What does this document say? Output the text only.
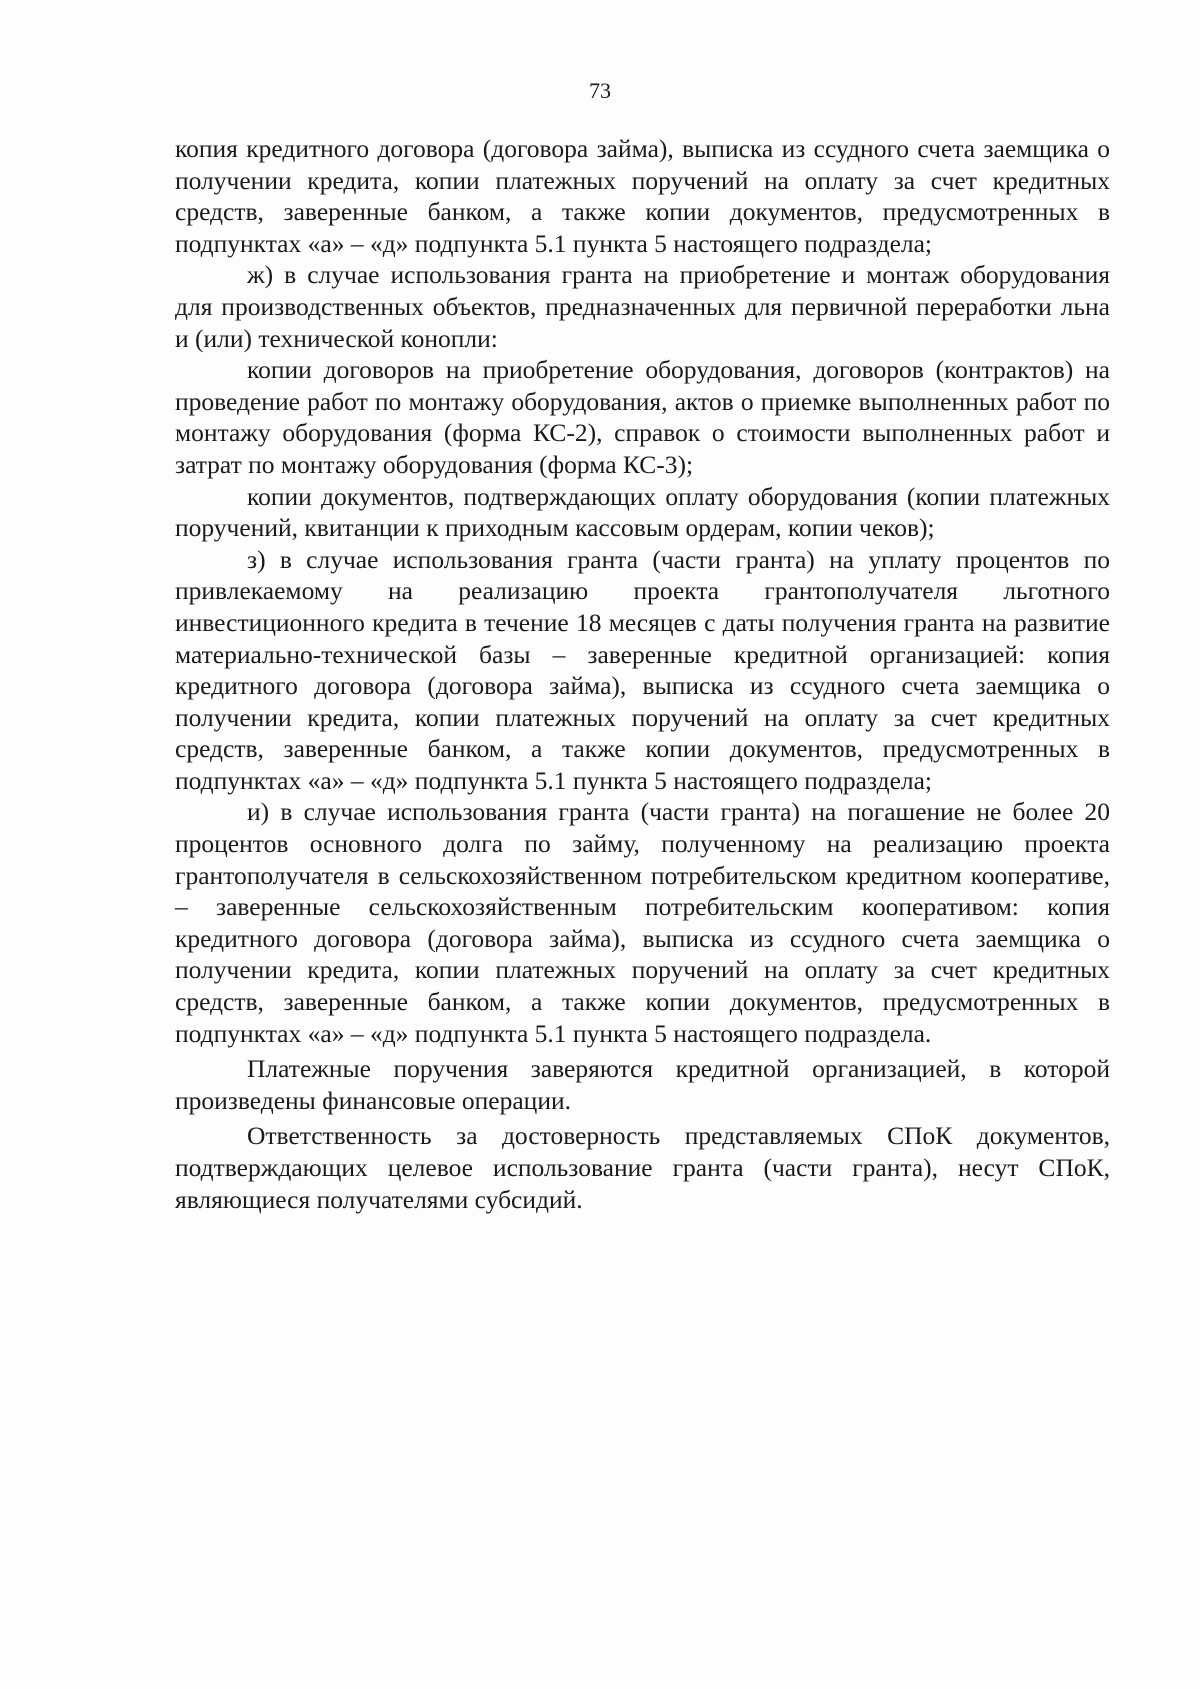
73

копия кредитного договора (договора займа), выписка из ссудного счета заемщика о получении кредита, копии платежных поручений на оплату за счет кредитных средств, заверенные банком, а также копии документов, предусмотренных в подпунктах «а» – «д» подпункта 5.1 пункта 5 настоящего подраздела;

ж) в случае использования гранта на приобретение и монтаж оборудования для производственных объектов, предназначенных для первичной переработки льна и (или) технической конопли:

копии договоров на приобретение оборудования, договоров (контрактов) на проведение работ по монтажу оборудования, актов о приемке выполненных работ по монтажу оборудования (форма КС-2), справок о стоимости выполненных работ и затрат по монтажу оборудования (форма КС-3);

копии документов, подтверждающих оплату оборудования (копии платежных поручений, квитанции к приходным кассовым ордерам, копии чеков);

з) в случае использования гранта (части гранта) на уплату процентов по привлекаемому на реализацию проекта грантополучателя льготного инвестиционного кредита в течение 18 месяцев с даты получения гранта на развитие материально-технической базы – заверенные кредитной организацией: копия кредитного договора (договора займа), выписка из ссудного счета заемщика о получении кредита, копии платежных поручений на оплату за счет кредитных средств, заверенные банком, а также копии документов, предусмотренных в подпунктах «а» – «д» подпункта 5.1 пункта 5 настоящего подраздела;

и) в случае использования гранта (части гранта) на погашение не более 20 процентов основного долга по займу, полученному на реализацию проекта грантополучателя в сельскохозяйственном потребительском кредитном кооперативе, – заверенные сельскохозяйственным потребительским кооперативом: копия кредитного договора (договора займа), выписка из ссудного счета заемщика о получении кредита, копии платежных поручений на оплату за счет кредитных средств, заверенные банком, а также копии документов, предусмотренных в подпунктах «а» – «д» подпункта 5.1 пункта 5 настоящего подраздела.

Платежные поручения заверяются кредитной организацией, в которой произведены финансовые операции.

Ответственность за достоверность представляемых СПоК документов, подтверждающих целевое использование гранта (части гранта), несут СПоК, являющиеся получателями субсидий.
